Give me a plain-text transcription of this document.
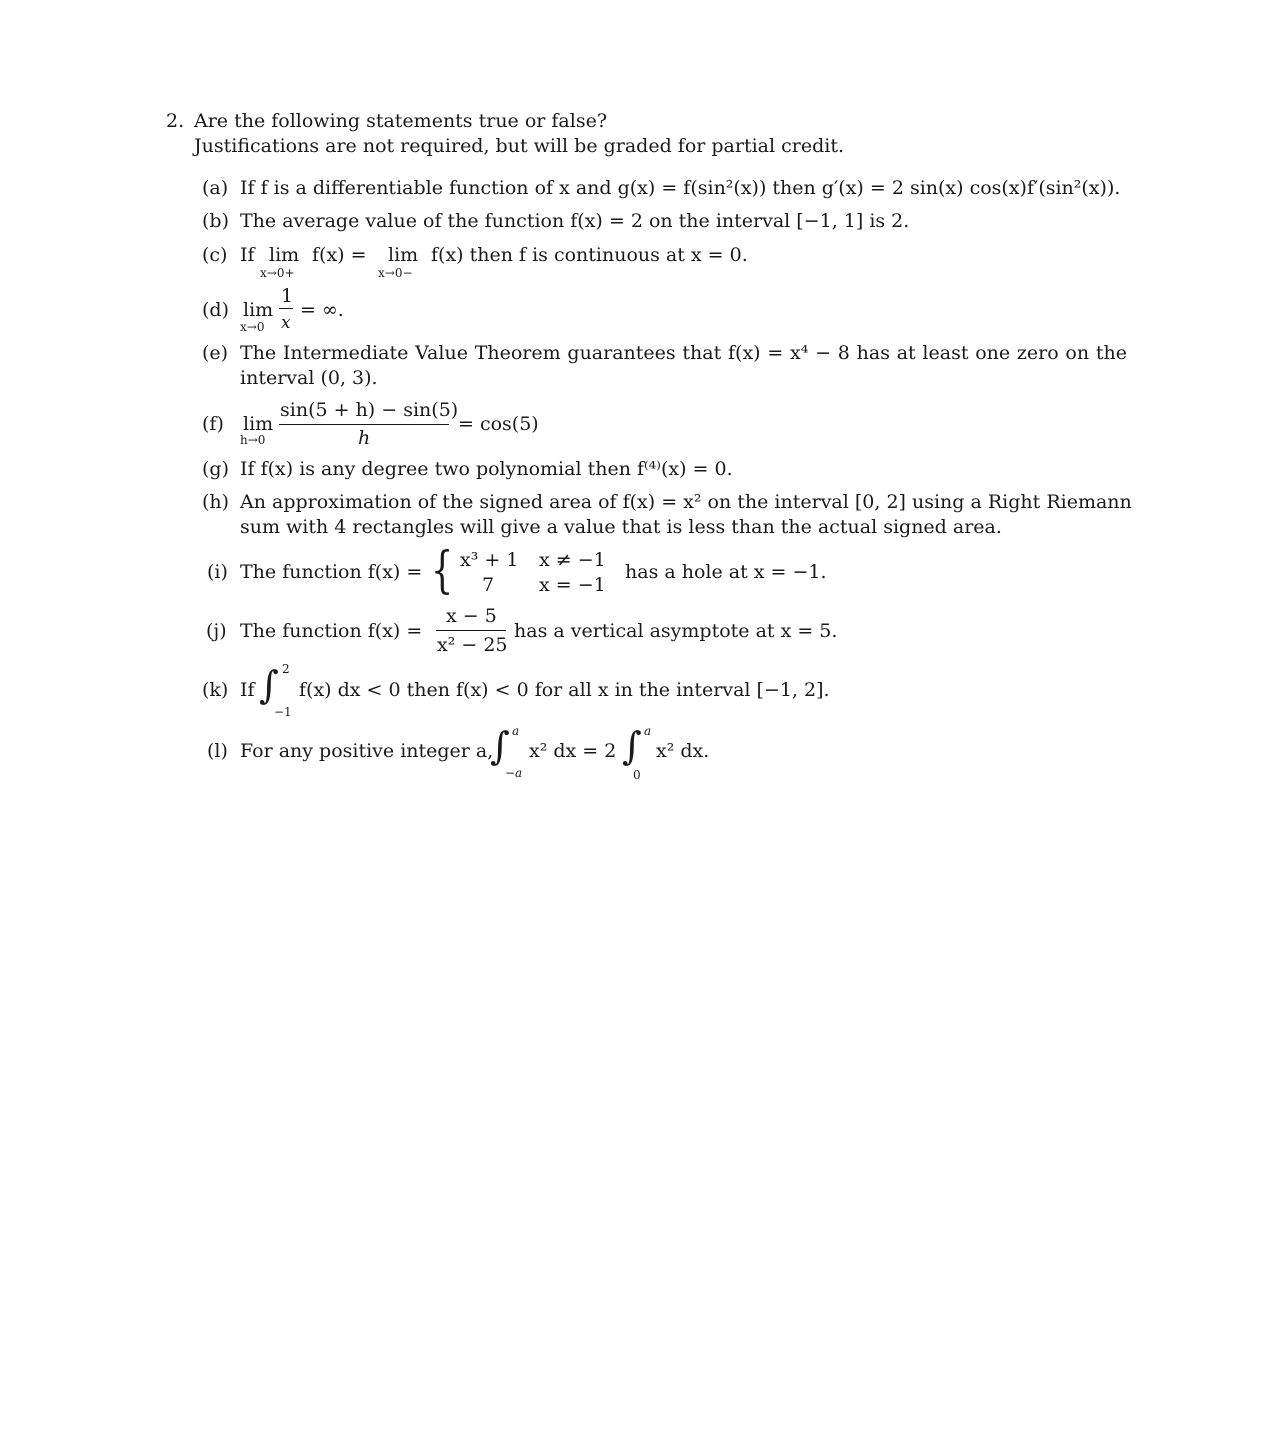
2. Are the following statements true or false?
Justifications are not required, but will be graded for partial credit.
(a) If f is a differentiable function of x and g(x) = f(sin²(x)) then g′(x) = 2 sin(x) cos(x)f′(sin²(x)).
(b) The average value of the function f(x) = 2 on the interval [−1, 1] is 2.
(c) If lim
x→0+
f(x) = lim
x→0−
f(x) then f is continuous at x = 0.
(d) lim
x→0
1
x
= ∞.
(e) The Intermediate Value Theorem guarantees that f(x) = x⁴ − 8 has at least one zero on the
interval (0, 3).
(f) lim
h→0
sin(5 + h) − sin(5)
h
= cos(5)
(g) If f(x) is any degree two polynomial then f⁽⁴⁾(x) = 0.
(h) An approximation of the signed area of f(x) = x² on the interval [0, 2] using a Right Riemann
sum with 4 rectangles will give a value that is less than the actual signed area.
(i) The function f(x) = { x³ + 1 x ≠ −1
7 x = −1
has a hole at x = −1.
(j) The function f(x) =
x − 5
x² − 25
has a vertical asymptote at x = 5.
(k) If ∫ 2
−1
f(x) dx < 0 then f(x) < 0 for all x in the interval [−1, 2].
(l) For any positive integer a,
∫ a
−a
x² dx = 2 ∫ a
0
x² dx.
